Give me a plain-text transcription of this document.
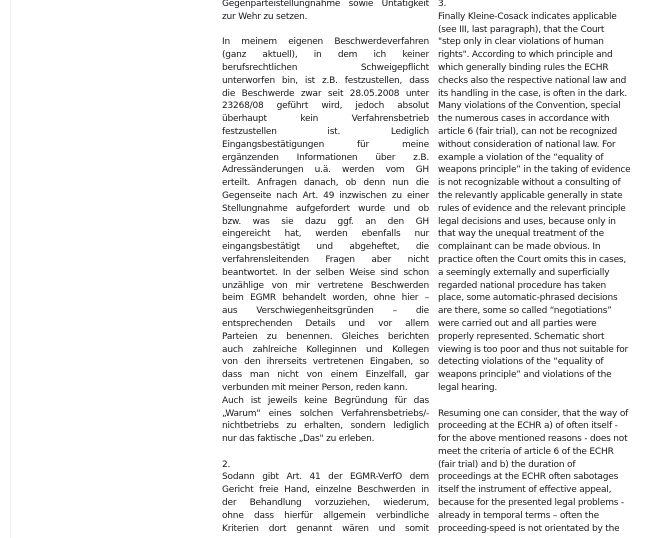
Gegenparteistellungnahme sowie Untätigkeit
zur Wehr zu setzen.
In meinem eigenen Beschwerdeverfahren
(ganz aktuell), in dem ich keiner
berufsrechtlichen Schweigepflicht
unterworfen bin, ist z.B. festzustellen, dass
die Beschwerde zwar seit 28.05.2008 unter
23268/08 geführt wird, jedoch absolut
überhaupt kein Verfahrensbetrieb
festzustellen ist. Lediglich
Eingangsbestätigungen für meine
ergänzenden Informationen über z.B.
Adressänderungen u.ä. werden vom GH
erteilt. Anfragen danach, ob denn nun die
Gegenseite nach Art. 49 inzwischen zu einer
Stellungnahme aufgefordert wurde und ob
bzw. was sie dazu ggf. an den GH
eingereicht hat, werden ebenfalls nur
eingangsbestätigt und abgeheftet, die
verfahrensleitenden Fragen aber nicht
beantwortet. In der selben Weise sind schon
unzählige von mir vertretene Beschwerden
beim EGMR behandelt worden, ohne hier –
aus Verschwiegenheitsgründen – die
entsprechenden Details und vor allem
Parteien zu benennen. Gleiches berichten
auch zahlreiche Kolleginnen und Kollegen
von den ihrerseits vertretenen Eingaben, so
dass man nicht von einem Einzelfall, gar
verbunden mit meiner Person, reden kann.
Auch ist jeweils keine Begründung für das
„Warum" eines solchen Verfahrensbetriebs/-
nichtbetriebs zu erhalten, sondern lediglich
nur das faktische „Das" zu erleben.
2.
Sodann gibt Art. 41 der EGMR-VerfO dem
Gericht freie Hand, einzelne Beschwerden in
der Behandlung vorzuziehen, wiederum,
ohne dass hierfür allgemein verbindliche
Kriterien dort genannt wären und somit
3.
Finally Kleine-Cosack indicates applicable
(see III, last paragraph), that the Court
"step only in clear violations of human
rights". According to which principle and
which generally binding rules the ECHR
checks also the respective national law and
its handling in the case, is often in the dark.
Many violations of the Convention, special
the numerous cases in accordance with
article 6 (fair trial), can not be recognized
without consideration of national law. For
example a violation of the “equality of
weapons principle” in the taking of evidence
is not recognizable without a consulting of
the relevantly applicable generally in state
rules of evidence and the relevant principle
legal decisions and uses, because only in
that way the unequal treatment of the
complainant can be made obvious. In
practice often the Court omits this in cases,
a seemingly externally and superficially
regarded national procedure has taken
place, some automatic-phrased decisions
are there, some so called “negotiations”
were carried out and all parties were
properly represented. Schematic short
viewing is too poor and thus not suitable for
detecting violations of the “equality of
weapons principle” and violations of the
legal hearing.
Resuming one can consider, that the way of
proceeding at the ECHR a) of often itself -
for the above mentioned reasons - does not
meet the criteria of article 6 of the ECHR
(fair trial) and b) the duration of
proceedings at the ECHR often sabotages
itself the instrument of effective appeal,
because for the presented legal problems -
already in temporal terms – often the
proceeding-speed is not orientated by the
